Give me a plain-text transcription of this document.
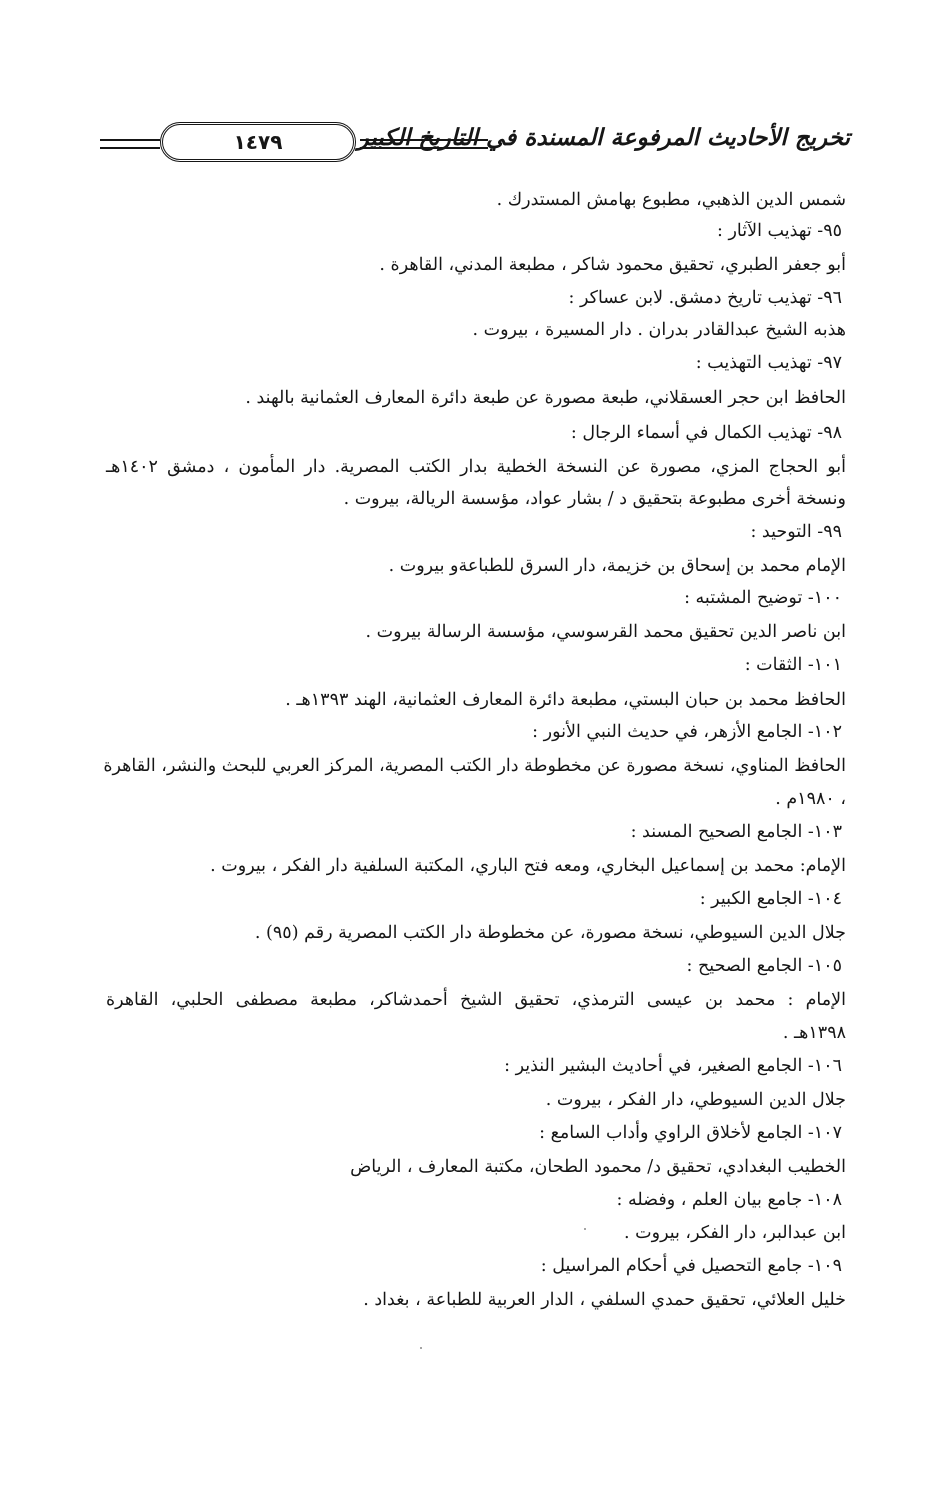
١٤٧٩	تخريج الأحاديث المرفوعة المسندة في التاريخ الكبير
شمس الدين الذهبي، مطبوع بهامش المستدرك .
٩٥- تهذيب الآثار :
أبو جعفر الطبري، تحقيق محمود شاكر ، مطبعة المدني، القاهرة .
٩٦- تهذيب تاريخ دمشق. لابن عساكر :
هذبه الشيخ عبدالقادر بدران . دار المسيرة ، بيروت .
٩٧- تهذيب التهذيب :
الحافظ ابن حجر العسقلاني، طبعة مصورة عن طبعة دائرة المعارف العثمانية بالهند .
٩٨- تهذيب الكمال في أسماء الرجال :
أبو الحجاج المزي، مصورة عن النسخة الخطية بدار الكتب المصرية. دار المأمون ، دمشق ١٤٠٢هـ
ونسخة أخرى مطبوعة بتحقيق د / بشار عواد، مؤسسة الريالة، بيروت .
٩٩- التوحيد :
الإمام محمد بن إسحاق بن خزيمة، دار السرق للطباعةو بيروت .
١٠٠- توضيح المشتبه :
ابن ناصر الدين تحقيق محمد القرسوسي، مؤسسة الرسالة بيروت .
١٠١- الثقات :
الحافظ محمد بن حبان البستي، مطبعة دائرة المعارف العثمانية، الهند ١٣٩٣هـ .
١٠٢- الجامع الأزهر، في حديث النبي الأنور :
الحافظ المناوي، نسخة مصورة عن مخطوطة دار الكتب المصرية، المركز العربي للبحث والنشر، القاهرة
، ١٩٨٠م .
١٠٣- الجامع الصحيح المسند :
الإمام: محمد بن إسماعيل البخاري، ومعه فتح الباري، المكتبة السلفية دار الفكر ، بيروت .
١٠٤- الجامع الكبير :
جلال الدين السيوطي، نسخة مصورة، عن مخطوطة دار الكتب المصرية رقم (٩٥) .
١٠٥- الجامع الصحيح :
الإمام : محمد بن عيسى الترمذي، تحقيق الشيخ أحمدشاكر، مطبعة مصطفى الحلبي، القاهرة
١٣٩٨هـ .
١٠٦- الجامع الصغير، في أحاديث البشير النذير :
جلال الدين السيوطي، دار الفكر ، بيروت .
١٠٧- الجامع لأخلاق الراوي وأداب السامع :
الخطيب البغدادي، تحقيق د/ محمود الطحان، مكتبة المعارف ، الرياض
١٠٨- جامع بيان العلم ، وفضله :
ابن عبدالبر، دار الفكر، بيروت .
١٠٩- جامع التحصيل في أحكام المراسيل :
خليل العلائي، تحقيق حمدي السلفي ، الدار العربية للطباعة ، بغداد .
